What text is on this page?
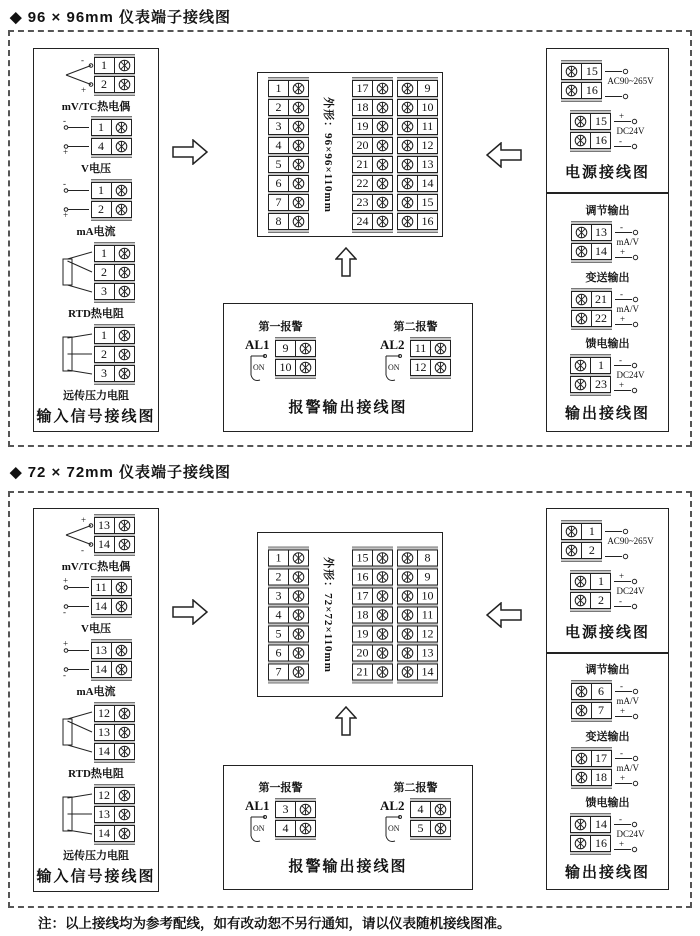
注：以上接线均为参考配线，如有改动恕不另行通知，请以仪表随机接线图准。
◆ 96 × 96mm 仪表端子接线图
-
+ $\frac{1}{2}$
mV/TC热电偶
-
+ $\frac{1}{4}$
V电压
-
+ $\frac{1}{2}$
mA电流
1
2
3
RTD热电阻
1
2
3
远传压力电阻
输入信号接线图
1
2
3
4
5
6
7
8
17
18
19
20
21
22
23
24
9
10
11
12
13
14
15
16
外形：96×96×110mm
第一报警
AL1
ON
9
10
第二报警
AL2
ON
11
12
报警输出接线图
15
16
AC90~265V
15
16
+
DC24V
-
电源接线图
调节输出
13
14
-
mA/V
+
变送输出
21
22
-
mA/V
+
馈电输出
1
23
-
DC24V
+
输出接线图
◆ 72 × 72mm 仪表端子接线图
+
-
13
14
mV/TC热电偶
+
-
11
14
V电压
+
-
13
14
mA电流
12
13
14
RTD热电阻
12
13
14
远传压力电阻
输入信号接线图
1
2
3
4
5
6
7
15
16
17
18
19
20
21
8
9
10
11
12
13
14
外形：72×72×110mm
第一报警
AL1
ON
3
4
第二报警
AL2
ON
4
5
报警输出接线图
1
2
AC90~265V
1
2
+
DC24V
-
电源接线图
调节输出
6
7
-
mA/V
+
变送输出
17
18
-
mA/V
+
馈电输出
14
16
-
DC24V
+
输出接线图
